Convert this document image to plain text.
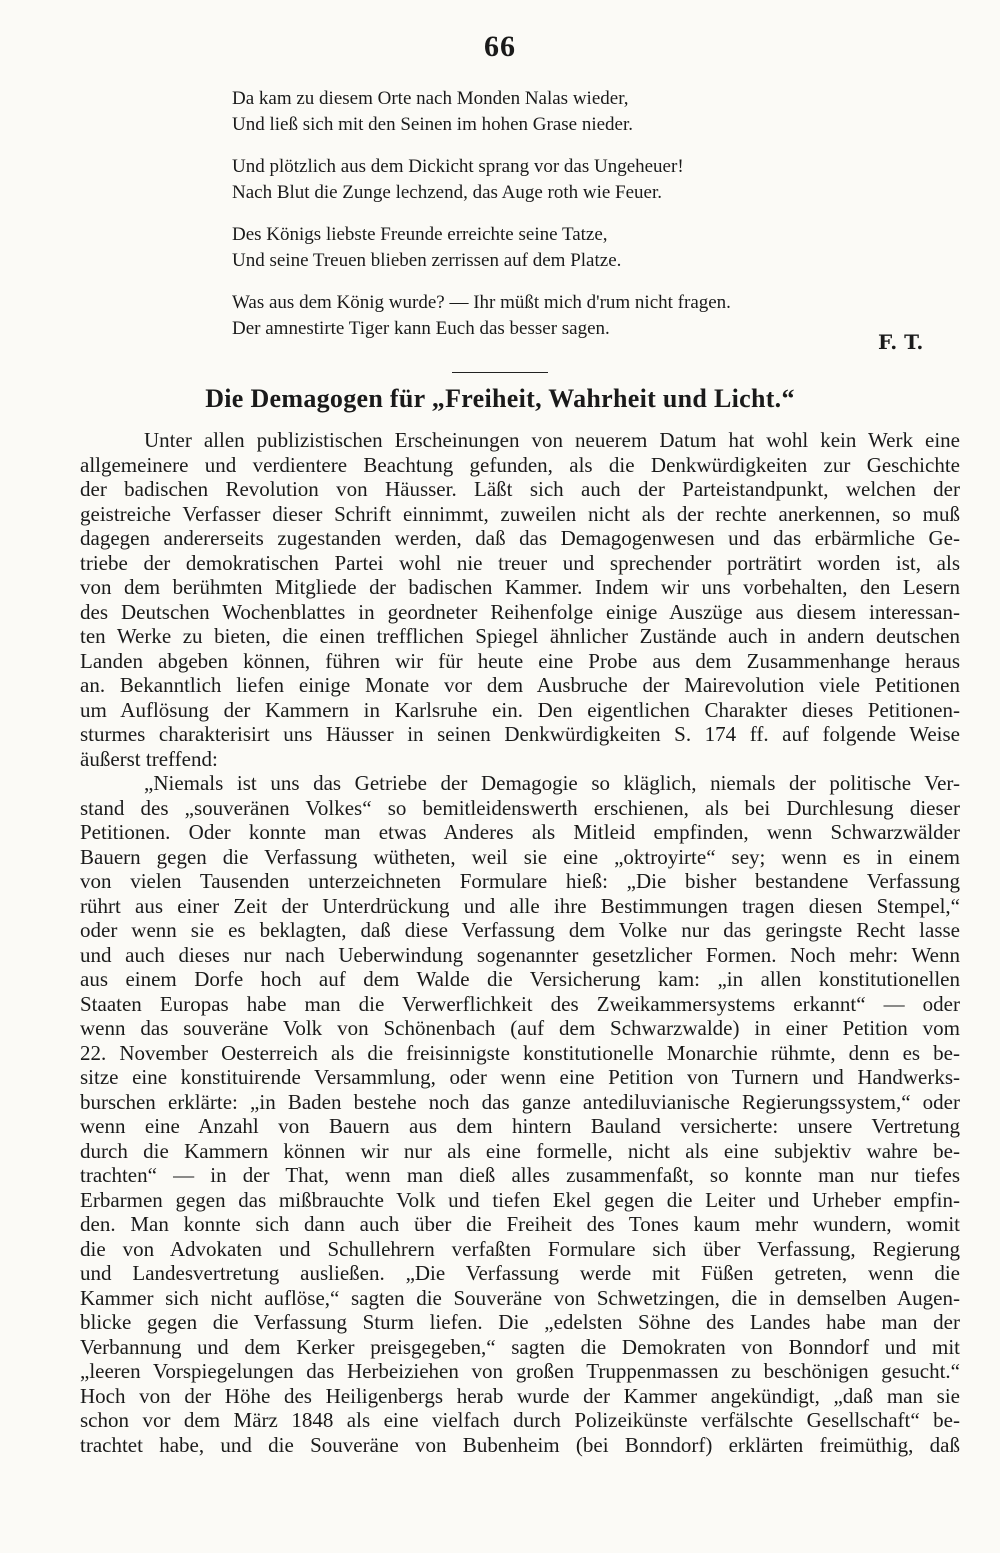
66
Da kam zu diesem Orte nach Monden Nalas wieder,
Und ließ sich mit den Seinen im hohen Grase nieder.
Und plötzlich aus dem Dickicht sprang vor das Ungeheuer!
Nach Blut die Zunge lechzend, das Auge roth wie Feuer.
Des Königs liebste Freunde erreichte seine Tatze,
Und seine Treuen blieben zerrissen auf dem Platze.
Was aus dem König wurde? — Ihr müßt mich d'rum nicht fragen.
Der amnestirte Tiger kann Euch das besser sagen.
F. T.
Die Demagogen für „Freiheit, Wahrheit und Licht.“
Unter allen publizistischen Erscheinungen von neuerem Datum hat wohl kein Werk eine
allgemeinere und verdientere Beachtung gefunden, als die Denkwürdigkeiten zur Geschichte
der badischen Revolution von Häusser. Läßt sich auch der Parteistandpunkt, welchen der
geistreiche Verfasser dieser Schrift einnimmt, zuweilen nicht als der rechte anerkennen, so muß
dagegen andererseits zugestanden werden, daß das Demagogenwesen und das erbärmliche Ge-
triebe der demokratischen Partei wohl nie treuer und sprechender porträtirt worden ist, als
von dem berühmten Mitgliede der badischen Kammer. Indem wir uns vorbehalten, den Lesern
des Deutschen Wochenblattes in geordneter Reihenfolge einige Auszüge aus diesem interessan-
ten Werke zu bieten, die einen trefflichen Spiegel ähnlicher Zustände auch in andern deutschen
Landen abgeben können, führen wir für heute eine Probe aus dem Zusammenhange heraus
an. Bekanntlich liefen einige Monate vor dem Ausbruche der Mairevolution viele Petitionen
um Auflösung der Kammern in Karlsruhe ein. Den eigentlichen Charakter dieses Petitionen-
sturmes charakterisirt uns Häusser in seinen Denkwürdigkeiten S. 174 ff. auf folgende Weise
äußerst treffend:
„Niemals ist uns das Getriebe der Demagogie so kläglich, niemals der politische Ver-
stand des „souveränen Volkes“ so bemitleidenswerth erschienen, als bei Durchlesung dieser
Petitionen. Oder konnte man etwas Anderes als Mitleid empfinden, wenn Schwarzwälder
Bauern gegen die Verfassung wütheten, weil sie eine „oktroyirte“ sey; wenn es in einem
von vielen Tausenden unterzeichneten Formulare hieß: „Die bisher bestandene Verfassung
rührt aus einer Zeit der Unterdrückung und alle ihre Bestimmungen tragen diesen Stempel,“
oder wenn sie es beklagten, daß diese Verfassung dem Volke nur das geringste Recht lasse
und auch dieses nur nach Ueberwindung sogenannter gesetzlicher Formen. Noch mehr: Wenn
aus einem Dorfe hoch auf dem Walde die Versicherung kam: „in allen konstitutionellen
Staaten Europas habe man die Verwerflichkeit des Zweikammersystems erkannt“ — oder
wenn das souveräne Volk von Schönenbach (auf dem Schwarzwalde) in einer Petition vom
22. November Oesterreich als die freisinnigste konstitutionelle Monarchie rühmte, denn es be-
sitze eine konstituirende Versammlung, oder wenn eine Petition von Turnern und Handwerks-
burschen erklärte: „in Baden bestehe noch das ganze antediluvianische Regierungssystem,“ oder
wenn eine Anzahl von Bauern aus dem hintern Bauland versicherte: unsere Vertretung
durch die Kammern können wir nur als eine formelle, nicht als eine subjektiv wahre be-
trachten“ — in der That, wenn man dieß alles zusammenfaßt, so konnte man nur tiefes
Erbarmen gegen das mißbrauchte Volk und tiefen Ekel gegen die Leiter und Urheber empfin-
den. Man konnte sich dann auch über die Freiheit des Tones kaum mehr wundern, womit
die von Advokaten und Schullehrern verfaßten Formulare sich über Verfassung, Regierung
und Landesvertretung ausließen. „Die Verfassung werde mit Füßen getreten, wenn die
Kammer sich nicht auflöse,“ sagten die Souveräne von Schwetzingen, die in demselben Augen-
blicke gegen die Verfassung Sturm liefen. Die „edelsten Söhne des Landes habe man der
Verbannung und dem Kerker preisgegeben,“ sagten die Demokraten von Bonndorf und mit
„leeren Vorspiegelungen das Herbeiziehen von großen Truppenmassen zu beschönigen gesucht.“
Hoch von der Höhe des Heiligenbergs herab wurde der Kammer angekündigt, „daß man sie
schon vor dem März 1848 als eine vielfach durch Polizeikünste verfälschte Gesellschaft“ be-
trachtet habe, und die Souveräne von Bubenheim (bei Bonndorf) erklärten freimüthig, daß
